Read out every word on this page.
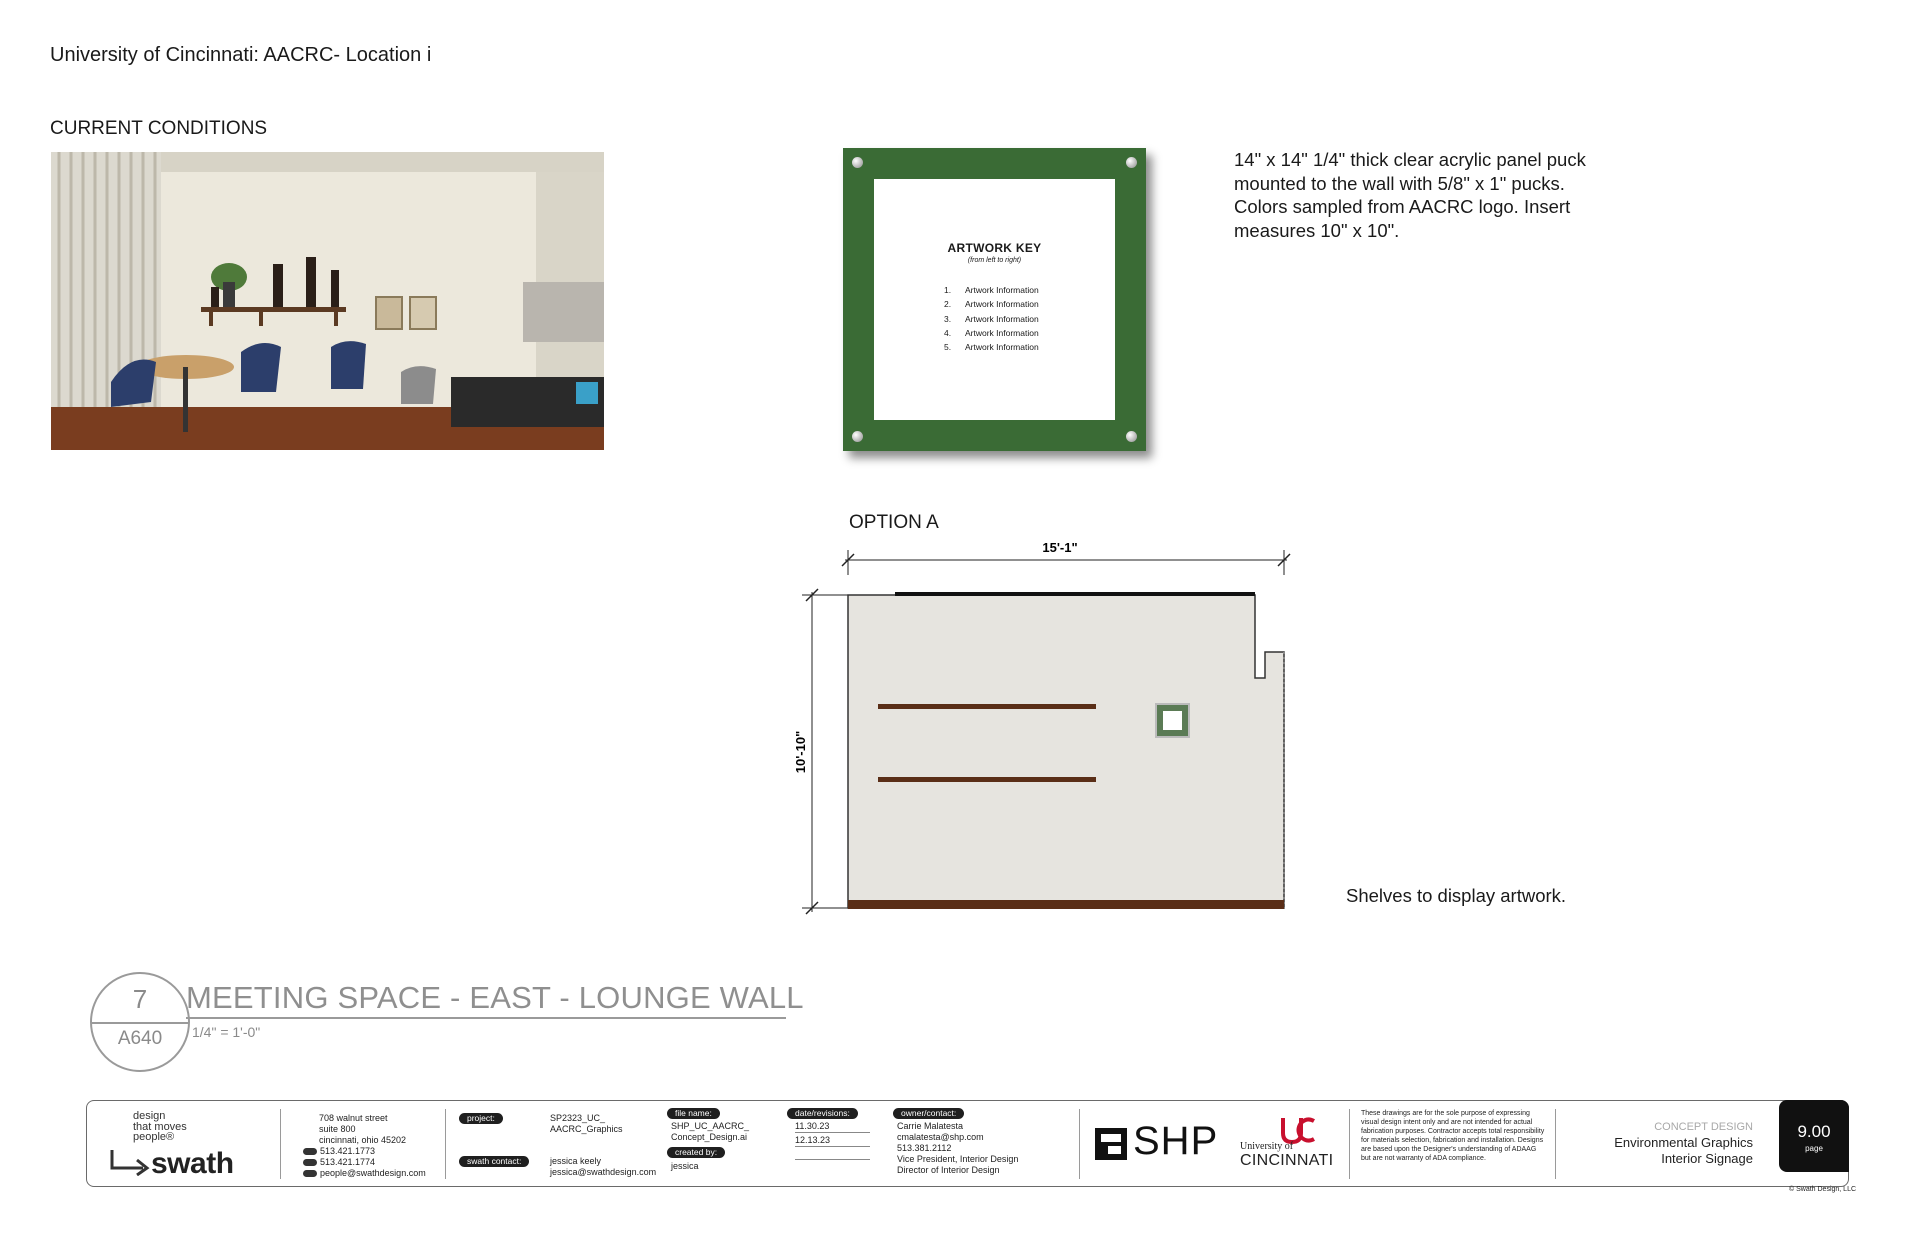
University of Cincinnati: AACRC- Location i
CURRENT CONDITIONS
ARTWORK KEY
(from left to right)
1. Artwork Information
2. Artwork Information
3. Artwork Information
4. Artwork Information
5. Artwork Information
14" x 14" 1/4" thick clear acrylic panel puck mounted to the wall with 5/8" x 1" pucks. Colors sampled from AACRC logo. Insert measures 10" x 10".
OPTION A
15'-1"
10'-10"
Shelves to display artwork.
7
A640
MEETING SPACE - EAST - LOUNGE WALL
1/4" = 1'-0"
design
that moves
people®
swath
708 walnut street
suite 800
cincinnati, ohio 45202
513.421.1773
513.421.1774
people@swathdesign.com
project:	SP2323_UC_
AACRC_Graphics
swath contact:	jessica keely
jessica@swathdesign.com
file name:
SHP_UC_AACRC_
Concept_Design.ai
created by:
jessica
date/revisions:
11.30.23
12.13.23
owner/contact:
Carrie Malatesta
cmalatesta@shp.com
513.381.2112
Vice President, Interior Design
Director of Interior Design
SHP University of
CINCINNATI
These drawings are for the sole purpose of expressing visual design intent only and are not intended for actual fabrication purposes. Contractor accepts total responsibility for materials selection, fabrication and installation. Designs are based upon the Designer's understanding of ADAAG but are not warranty of ADA compliance.
CONCEPT DESIGN
Environmental Graphics
Interior Signage
9.00
page
© Swath Design, LLC
